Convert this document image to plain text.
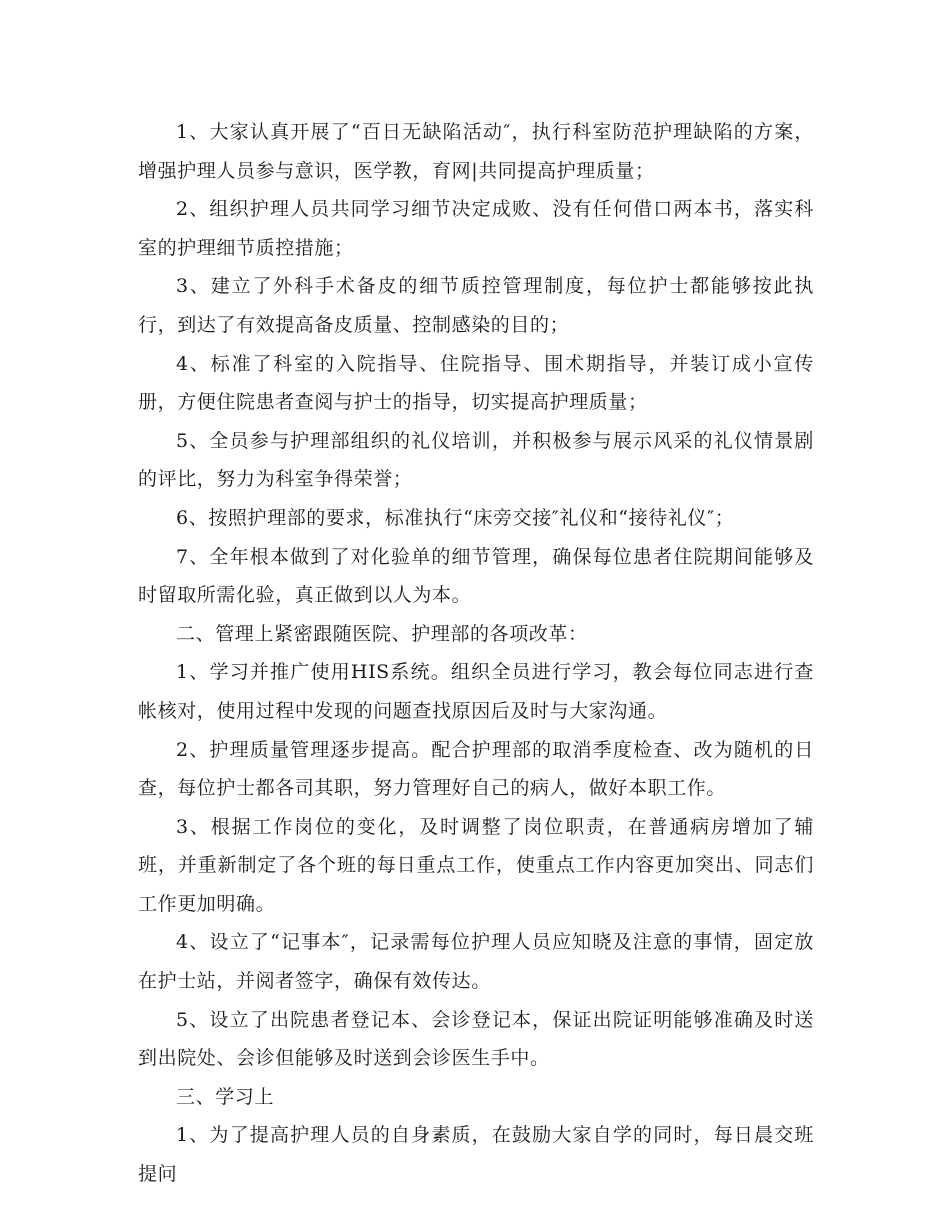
1、大家认真开展了“百日无缺陷活动″，执行科室防范护理缺陷的方案，增强护理人员参与意识，医学教，育网|共同提高护理质量；

2、组织护理人员共同学习细节决定成败、没有任何借口两本书，落实科室的护理细节质控措施；

3、建立了外科手术备皮的细节质控管理制度，每位护士都能够按此执行，到达了有效提高备皮质量、控制感染的目的；

4、标准了科室的入院指导、住院指导、围术期指导，并装订成小宣传册，方便住院患者查阅与护士的指导，切实提高护理质量；

5、全员参与护理部组织的礼仪培训，并积极参与展示风采的礼仪情景剧的评比，努力为科室争得荣誉；

6、按照护理部的要求，标准执行“床旁交接″礼仪和“接待礼仪″；

7、全年根本做到了对化验单的细节管理，确保每位患者住院期间能够及时留取所需化验，真正做到以人为本。

二、管理上紧密跟随医院、护理部的各项改革：

1、学习并推广使用HIS系统。组织全员进行学习，教会每位同志进行查帐核对，使用过程中发现的问题查找原因后及时与大家沟通。

2、护理质量管理逐步提高。配合护理部的取消季度检查、改为随机的日查，每位护士都各司其职，努力管理好自己的病人，做好本职工作。

3、根据工作岗位的变化，及时调整了岗位职责，在普通病房增加了辅班，并重新制定了各个班的每日重点工作，使重点工作内容更加突出、同志们工作更加明确。

4、设立了“记事本″，记录需每位护理人员应知晓及注意的事情，固定放在护士站，并阅者签字，确保有效传达。

5、设立了出院患者登记本、会诊登记本，保证出院证明能够准确及时送到出院处、会诊但能够及时送到会诊医生手中。

三、学习上

1、为了提高护理人员的自身素质，在鼓励大家自学的同时，每日晨交班提问
